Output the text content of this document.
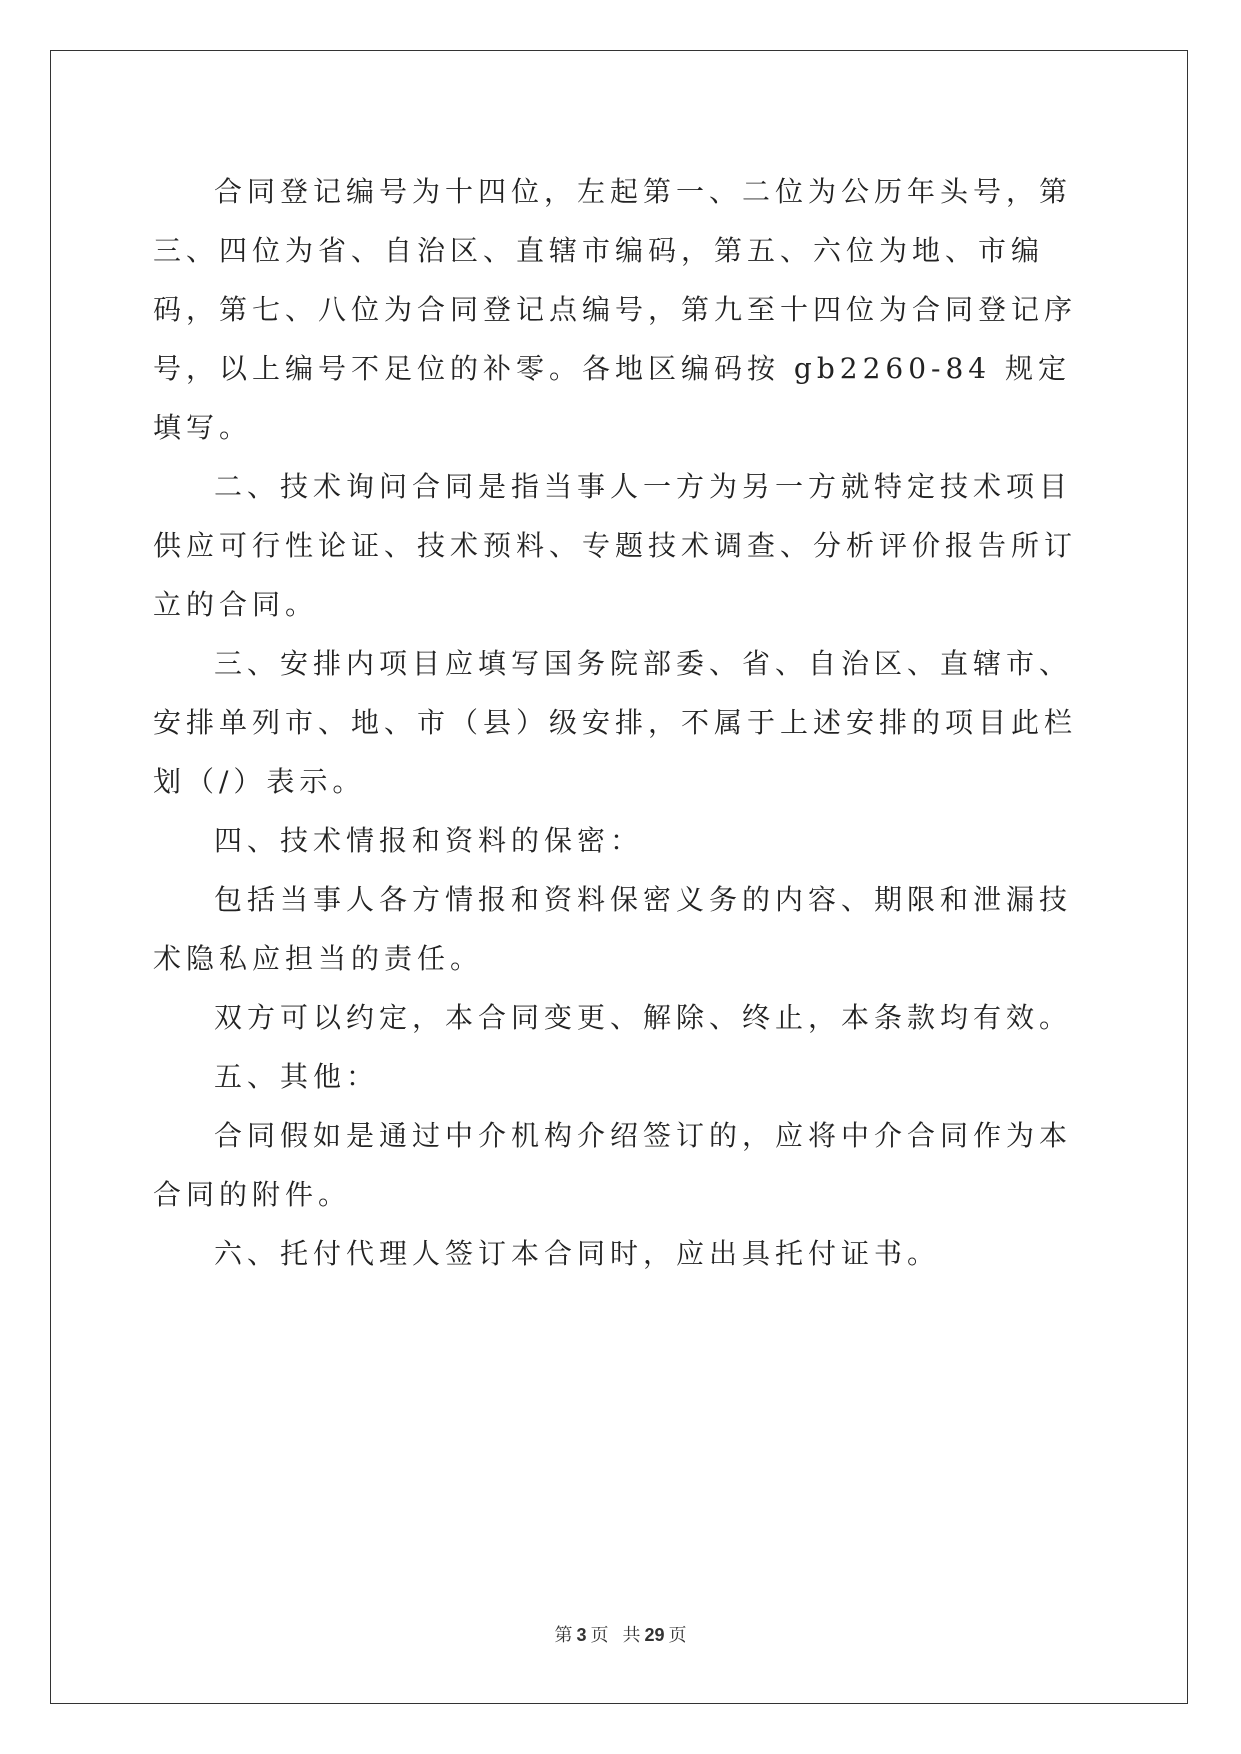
合同登记编号为十四位，左起第一、二位为公历年头号，第三、四位为省、自治区、直辖市编码，第五、六位为地、市编码，第七、八位为合同登记点编号，第九至十四位为合同登记序号，以上编号不足位的补零。各地区编码按 gb2260-84 规定填写。

二、技术询问合同是指当事人一方为另一方就特定技术项目供应可行性论证、技术预料、专题技术调查、分析评价报告所订立的合同。

三、安排内项目应填写国务院部委、省、自治区、直辖市、安排单列市、地、市（县）级安排，不属于上述安排的项目此栏划（/）表示。

四、技术情报和资料的保密：

包括当事人各方情报和资料保密义务的内容、期限和泄漏技术隐私应担当的责任。

双方可以约定，本合同变更、解除、终止，本条款均有效。

五、其他：

合同假如是通过中介机构介绍签订的，应将中介合同作为本合同的附件。

六、托付代理人签订本合同时，应出具托付证书。

第 3 页 共 29 页
